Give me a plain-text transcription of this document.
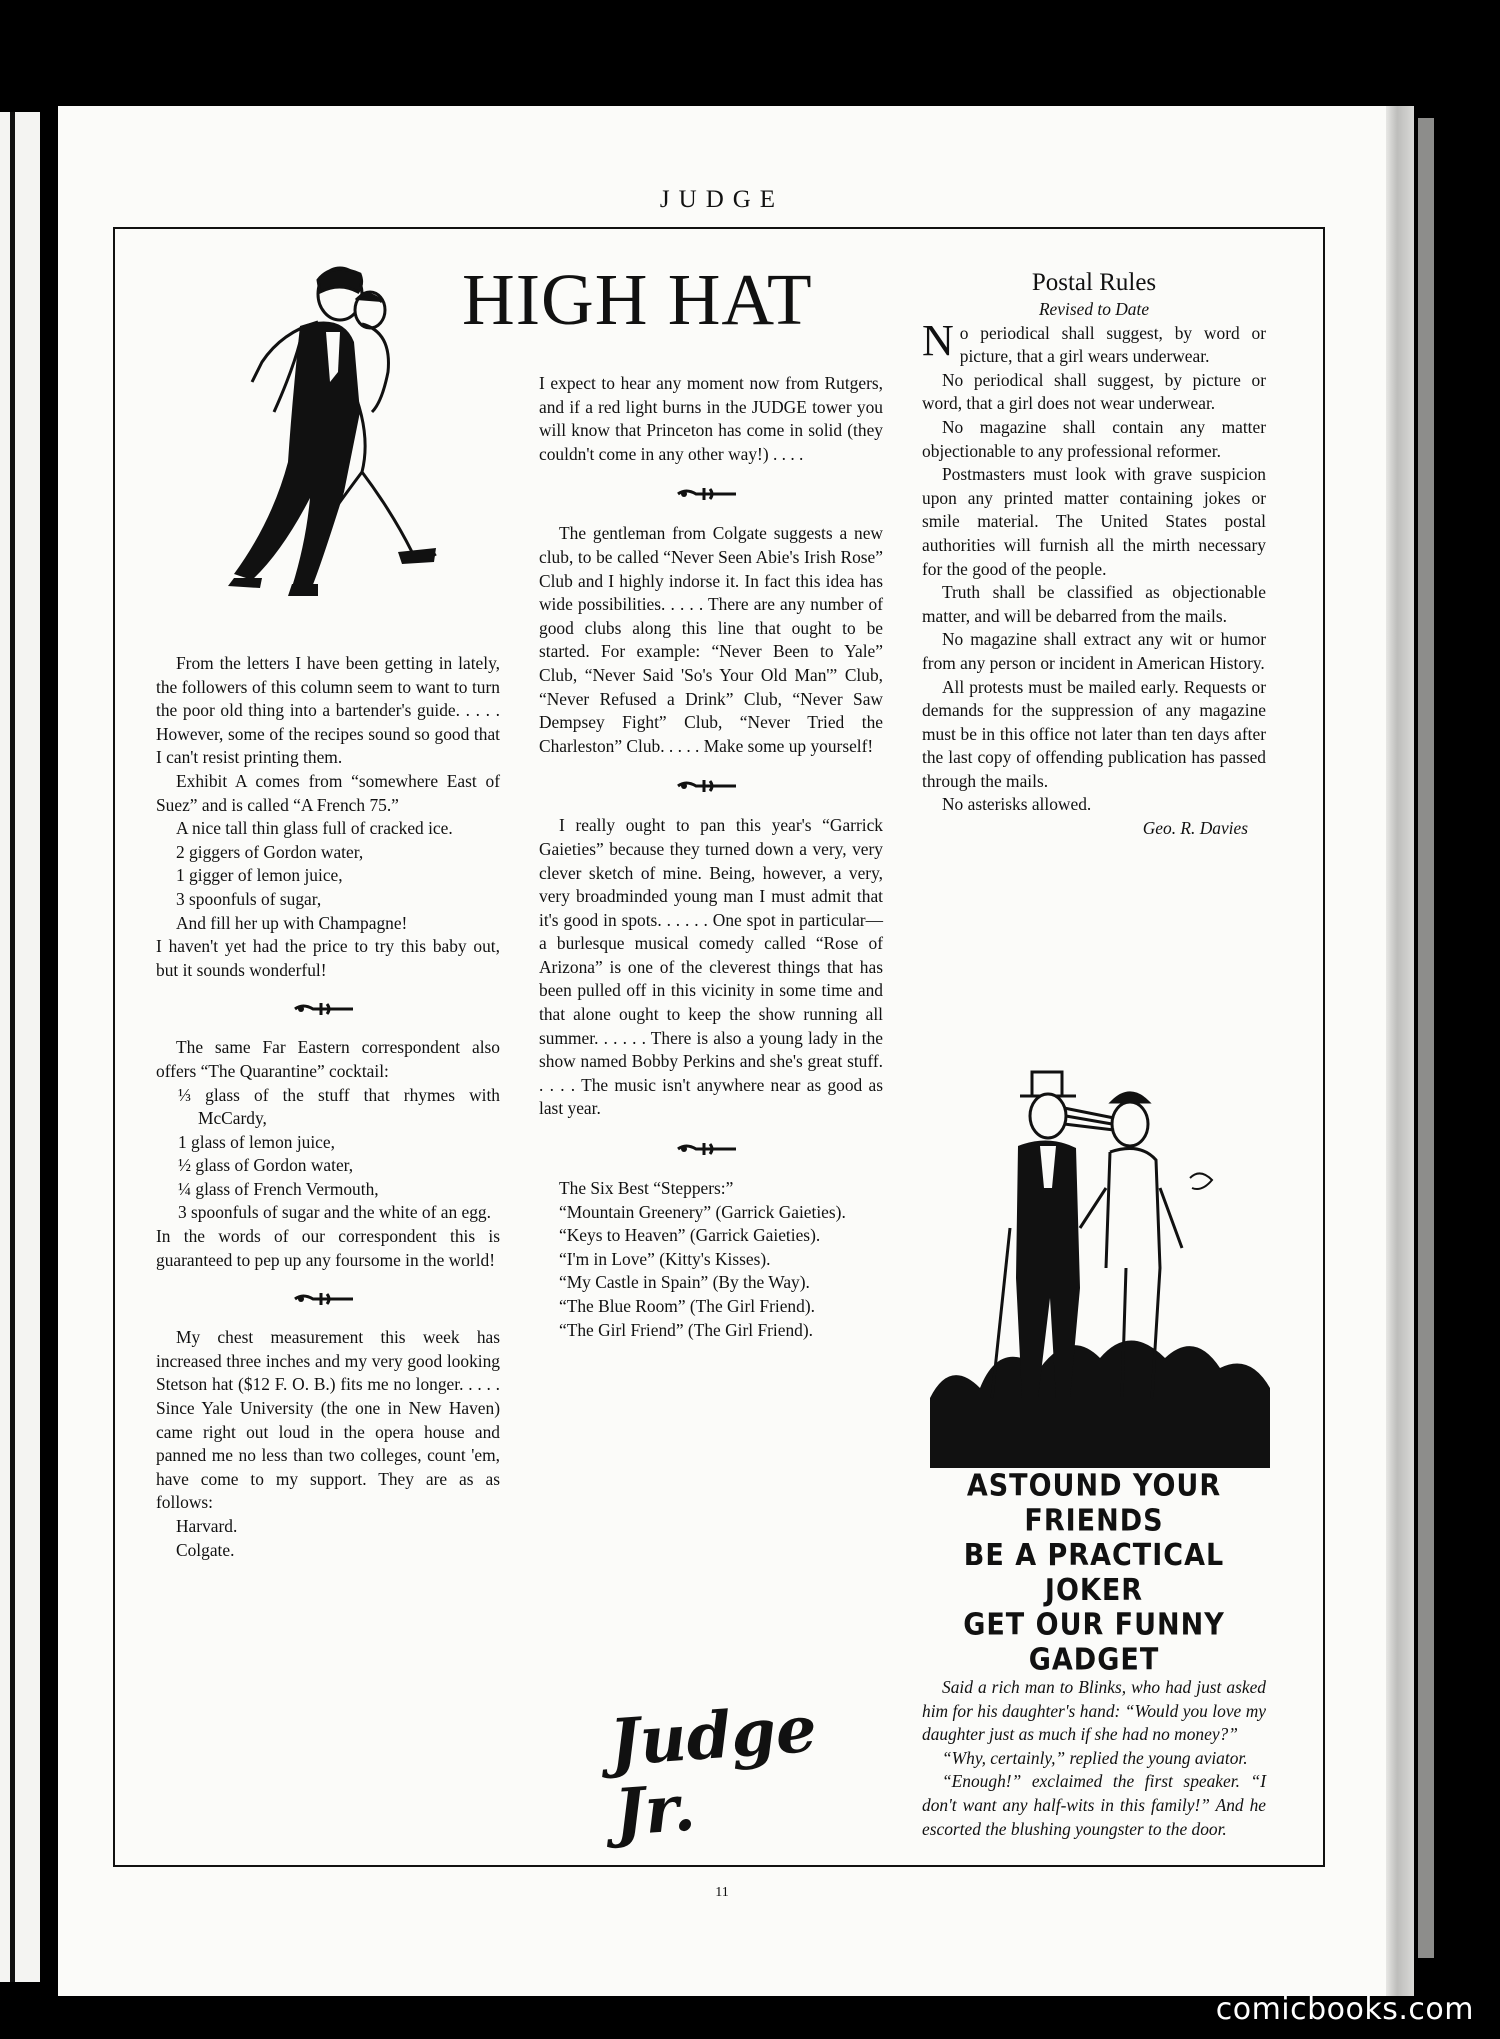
JUDGE
HIGH HAT

From the letters I have been getting in lately, the followers of this column seem to want to turn the poor old thing into a bartender's guide. . . . . However, some of the recipes sound so good that I can't resist printing them.

Exhibit A comes from “somewhere East of Suez” and is called “A French 75.”

A nice tall thin glass full of cracked ice.

2 giggers of Gordon water,

1 gigger of lemon juice,

3 spoonfuls of sugar,

And fill her up with Champagne!

I haven't yet had the price to try this baby out, but it sounds wonderful!

The same Far Eastern correspondent also offers “The Quarantine” cocktail:

⅓ glass of the stuff that rhymes with McCardy,

1 glass of lemon juice,

½ glass of Gordon water,

¼ glass of French Vermouth,

3 spoonfuls of sugar and the white of an egg.

In the words of our correspondent this is guaranteed to pep up any foursome in the world!

My chest measurement this week has increased three inches and my very good looking Stetson hat ($12 F. O. B.) fits me no longer. . . . . Since Yale University (the one in New Haven) came right out loud in the opera house and panned me no less than two colleges, count 'em, have come to my support. They are as as follows:

Harvard.

Colgate.

I expect to hear any moment now from Rutgers, and if a red light burns in the JUDGE tower you will know that Princeton has come in solid (they couldn't come in any other way!) . . . .

The gentleman from Colgate suggests a new club, to be called “Never Seen Abie's Irish Rose” Club and I highly indorse it. In fact this idea has wide possibilities. . . . . There are any number of good clubs along this line that ought to be started. For example: “Never Been to Yale” Club, “Never Said 'So's Your Old Man'” Club, “Never Refused a Drink” Club, “Never Saw Dempsey Fight” Club, “Never Tried the Charleston” Club. . . . . Make some up yourself!

I really ought to pan this year's “Garrick Gaieties” because they turned down a very, very clever sketch of mine. Being, however, a very, very broadminded young man I must admit that it's good in spots. . . . . . One spot in particular—a burlesque musical comedy called “Rose of Arizona” is one of the cleverest things that has been pulled off in this vicinity in some time and that alone ought to keep the show running all summer. . . . . . There is also a young lady in the show named Bobby Perkins and she's great stuff. . . . . The music isn't anywhere near as good as last year.

The Six Best “Steppers:”

“Mountain Greenery” (Garrick Gaieties).

“Keys to Heaven” (Garrick Gaieties).

“I'm in Love” (Kitty's Kisses).

“My Castle in Spain” (By the Way).

“The Blue Room” (The Girl Friend).

“The Girl Friend” (The Girl Friend).

Judge Jr.

Postal Rules

Revised to Date

No periodical shall suggest, by word or picture, that a girl wears underwear.

No periodical shall suggest, by picture or word, that a girl does not wear underwear.

No magazine shall contain any matter objectionable to any professional reformer.

Postmasters must look with grave suspicion upon any printed matter containing jokes or smile material. The United States postal authorities will furnish all the mirth necessary for the good of the people.

Truth shall be classified as objectionable matter, and will be debarred from the mails.

No magazine shall extract any wit or humor from any person or incident in American History.

All protests must be mailed early. Requests or demands for the suppression of any magazine must be in this office not later than ten days after the last copy of offending publication has passed through the mails.

No asterisks allowed.

Geo. R. Davies

ASTOUND YOUR FRIENDS
BE A PRACTICAL JOKER
GET OUR FUNNY GADGET

Said a rich man to Blinks, who had just asked him for his daughter's hand: “Would you love my daughter just as much if she had no money?”

“Why, certainly,” replied the young aviator.

“Enough!” exclaimed the first speaker. “I don't want any half-wits in this family!” And he escorted the blushing youngster to the door.

11
comicbooks.com
